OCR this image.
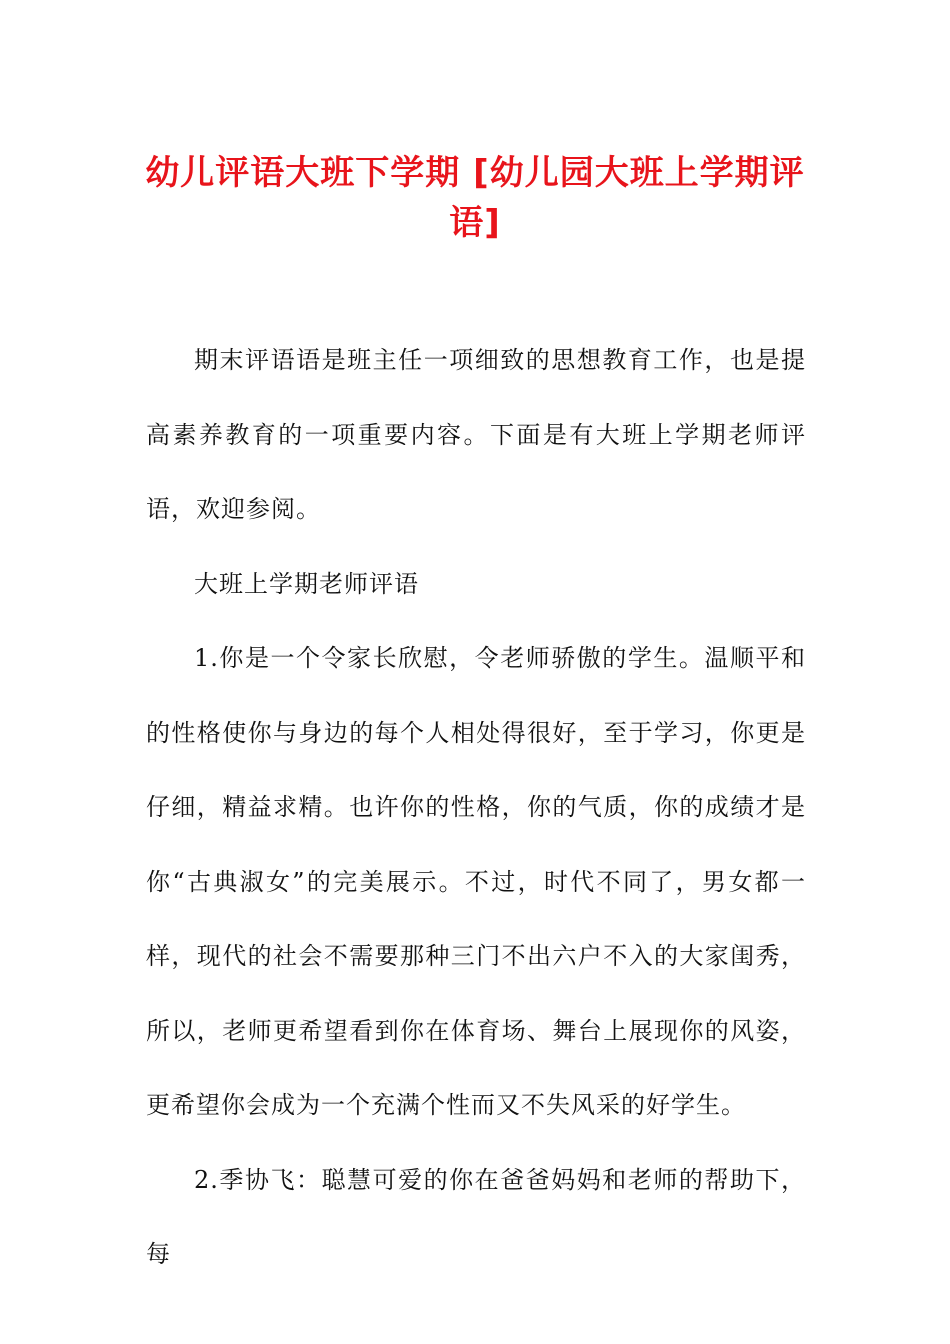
幼儿评语大班下学期 [幼儿园大班上学期评语]

期末评语语是班主任一项细致的思想教育工作，也是提高素养教育的一项重要内容。下面是有大班上学期老师评语，欢迎参阅。

大班上学期老师评语

1.你是一个令家长欣慰，令老师骄傲的学生。温顺平和的性格使你与身边的每个人相处得很好，至于学习，你更是仔细，精益求精。也许你的性格，你的气质，你的成绩才是你“古典淑女”的完美展示。不过，时代不同了，男女都一样，现代的社会不需要那种三门不出六户不入的大家闺秀，所以，老师更希望看到你在体育场、舞台上展现你的风姿，更希望你会成为一个充满个性而又不失风采的好学生。

2.季协飞：聪慧可爱的你在爸爸妈妈和老师的帮助下，每
